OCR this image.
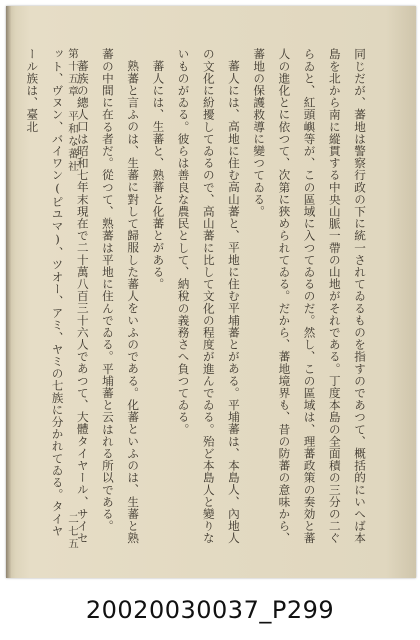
同じだが、蕃地は警察行政の下に統一されてゐるものを指すのであつて、概括的にいへば本島を北から南に縱貫する中央山脈一帶の山地がそれである。丁度本島の全面積の三分の二ぐらゐと、紅頭嶼等が、この區域に入つてゐるのだ。然し、この區域は、理蕃政策の奏効と蕃人の進化とに依つて、次第に狹められてゐる。だから、蕃地境界も、昔の防蕃の意味から、蕃地の保護救導に變つてゐる。

蕃人には、高地に住む高山蕃と、平地に住む平埔蕃とがある。平埔蕃は、本島人、內地人の文化に紛擾してゐるので、高山蕃に比して文化の程度が進んでゐる。殆ど本島人と變りないものがゐる。彼らは善良な農民として、納稅の義務さへ負つてゐる。

蕃人には、生蕃と、熟蕃と化蕃とがある。

熟蕃と言ふのは、生蕃に對して歸服した蕃人をいふのである。化蕃といふのは、生蕃と熟蕃の中間に在る者だ。從つて、熟蕃は平地に住んでゐる。平埔蕃と云はれる所以である。

蕃族の總人口は昭和七年末現在で二十萬八百三十六人であつて、大體タイヤール、サイセット、ヴヌン、バイワン(ピユマ)、ツオー、アミ、ヤミの七族に分かれてゐる。タイヤール族は、臺北	第十五章　平和な蕃社
二七五
20020030037_P299
